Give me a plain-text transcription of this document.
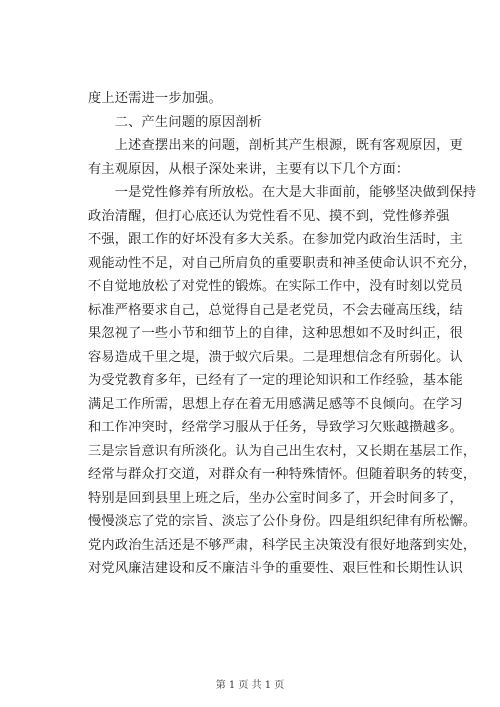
度上还需进一步加强。
　　二、产生问题的原因剖析
　　上述查摆出来的问题，剖析其产生根源，既有客观原因，更
有主观原因，从根子深处来讲，主要有以下几个方面：
　　一是党性修养有所放松。在大是大非面前，能够坚决做到保持
政治清醒，但打心底还认为党性看不见、摸不到，党性修养强
不强，跟工作的好坏没有多大关系。在参加党内政治生活时，主
观能动性不足，对自己所肩负的重要职责和神圣使命认识不充分，
不自觉地放松了对党性的锻炼。在实际工作中，没有时刻以党员
标准严格要求自己，总觉得自己是老党员，不会去碰高压线，结
果忽视了一些小节和细节上的自律，这种思想如不及时纠正，很
容易造成千里之堤，溃于蚁穴后果。二是理想信念有所弱化。认
为受党教育多年，已经有了一定的理论知识和工作经验，基本能
满足工作所需，思想上存在着无用感满足感等不良倾向。在学习
和工作冲突时，经常学习服从于任务，导致学习欠账越攒越多。
三是宗旨意识有所淡化。认为自己出生农村，又长期在基层工作，
经常与群众打交道，对群众有一种特殊情怀。但随着职务的转变，
特别是回到县里上班之后，坐办公室时间多了，开会时间多了，
慢慢淡忘了党的宗旨、淡忘了公仆身份。四是组织纪律有所松懈。
党内政治生活还是不够严肃，科学民主决策没有很好地落到实处，
对党风廉洁建设和反不廉洁斗争的重要性、艰巨性和长期性认识
第 1 页 共 1 页
